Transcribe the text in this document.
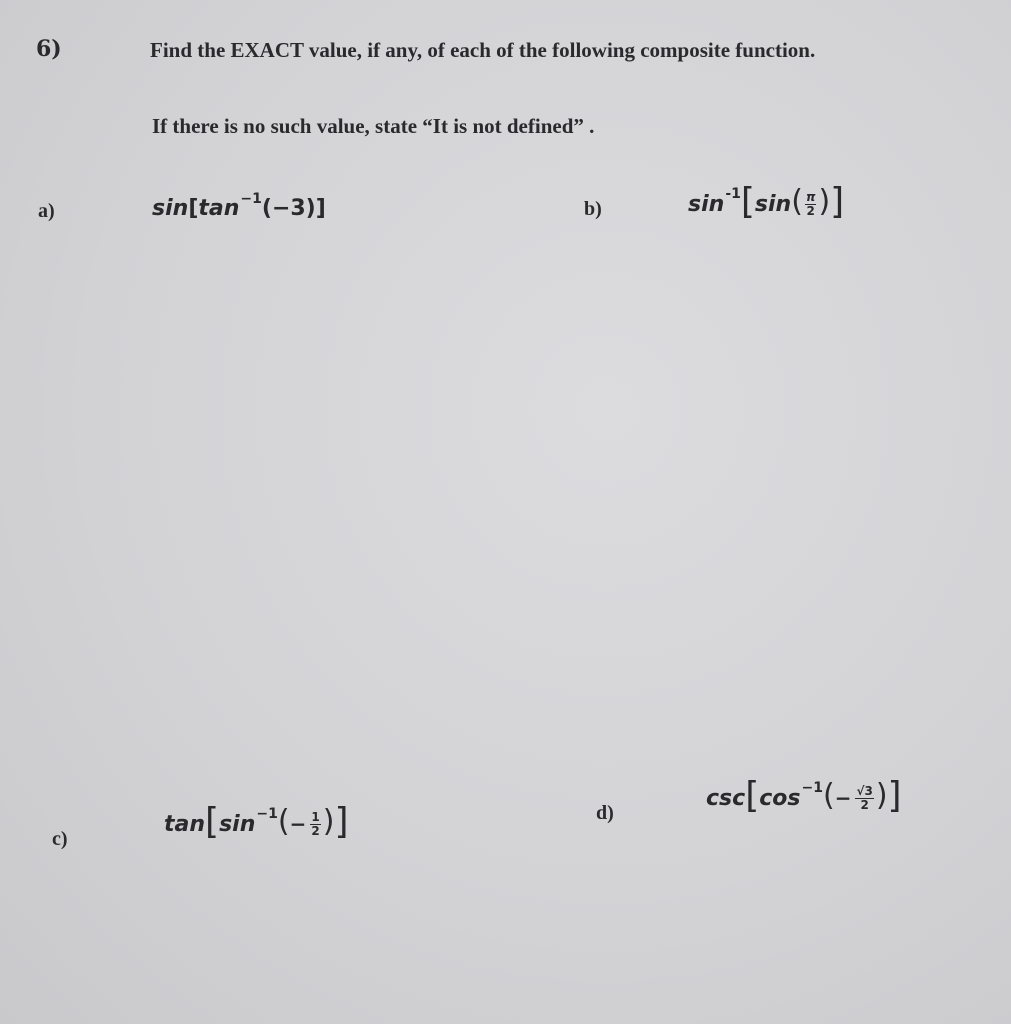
6)	Find the EXACT value, if any, of each of the following composite function.
If there is no such value, state “It is not defined” .
a)	sin [ tan −1 (−3) ]	b)	sin -1 [ sin ( $\frac{\pi}{2}$ ) ]
c)
tan [ sin −1 ( − $\frac{1}{2}$ ) ]	d)
csc [ cos −1 ( − $\frac{√3}{2}$ ) ]
